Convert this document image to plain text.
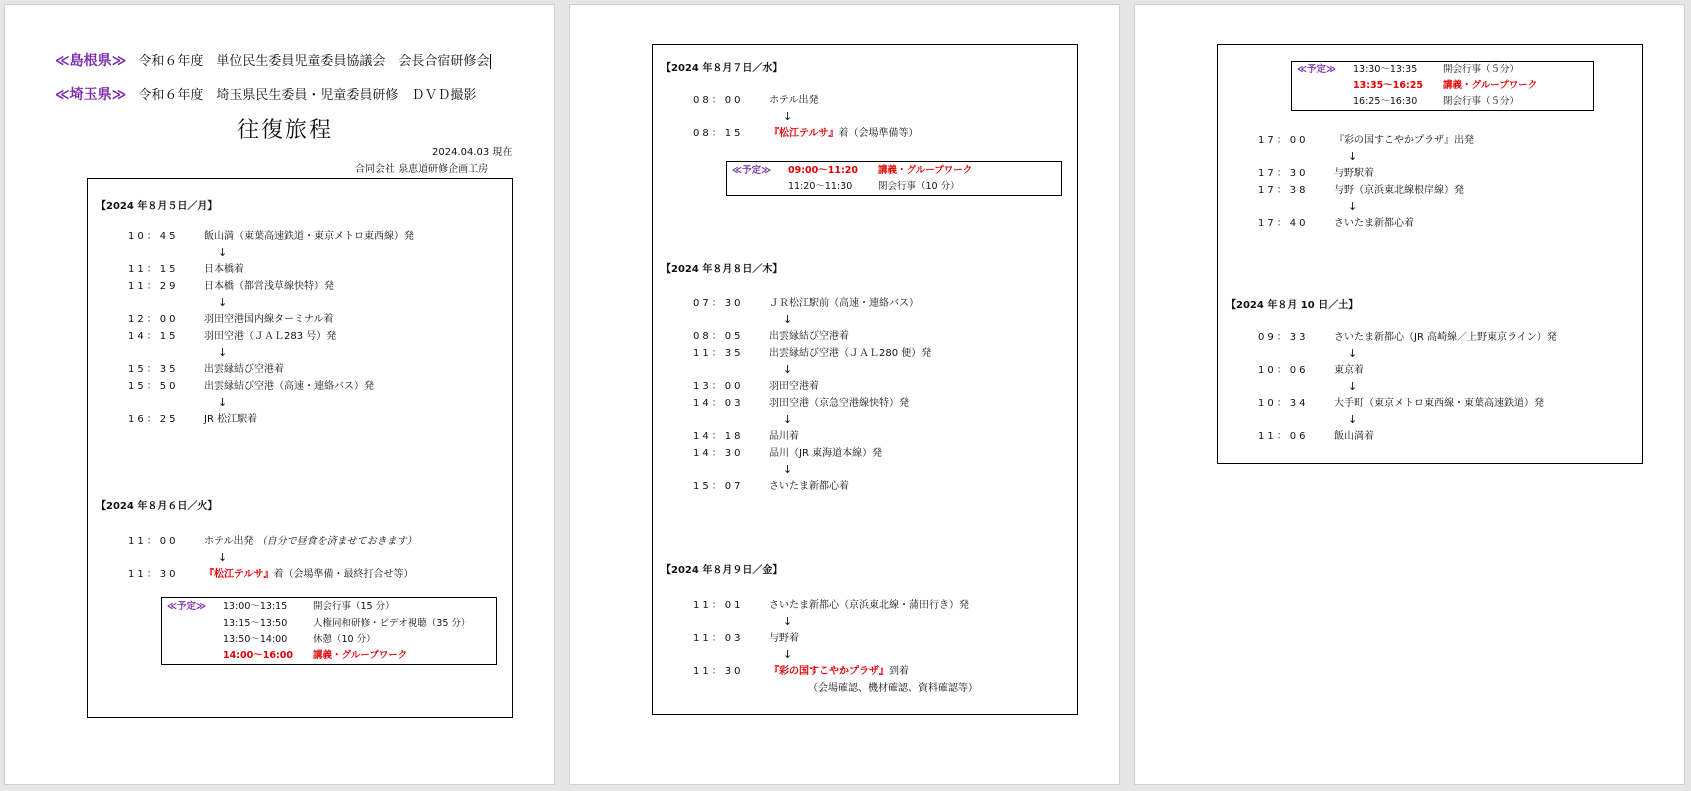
≪島根県≫ 令和６年度　単位民生委員児童委員協議会　会長合宿研修会
≪埼玉県≫ 令和６年度　埼玉県民生委員・児童委員研修　ＤＶＤ撮影
往復旅程
2024.04.03 現在
合同会社 泉恵道研修企画工房
【2024 年８月５日／月】
10：45	飯山満（東葉高速鉄道・東京メトロ東西線）発
↓
11：15	日本橋着
11：29	日本橋（都営浅草線快特）発
↓
12：00	羽田空港国内線ターミナル着
14：15	羽田空港（ＪＡＬ283 号）発
↓
15：35	出雲縁結び空港着
15：50	出雲縁結び空港（高速・連絡バス）発
↓
16：25	JR 松江駅着
【2024 年８月６日／火】
11：00	ホテル出発 （自分で昼食を済ませておきます）
↓
11：30	『松江テルサ』着（会場準備・最終打合せ等）
≪予定≫ 13:00～13:15	開会行事（15 分）
13:15～13:50	人権同和研修・ビデオ視聴（35 分）
13:50～14:00	休憩（10 分）
14:00～16:00 講義・グループワーク
【2024 年８月７日／水】
08：00	ホテル出発
↓
08：15	『松江テルサ』着（会場準備等）
≪予定≫ 09:00～11:20 講義・グループワーク
11:20～11:30	閉会行事（10 分）
【2024 年８月８日／木】
07：30	ＪＲ松江駅前（高速・連絡バス）
↓
08：05	出雲縁結び空港着
11：35	出雲縁結び空港（ＪＡＬ280 便）発
↓
13：00	羽田空港着
14：03	羽田空港（京急空港線快特）発
↓
14：18	品川着
14：30	品川（JR 東海道本線）発
↓
15：07	さいたま新都心着
【2024 年８月９日／金】
11：01	さいたま新都心（京浜東北線・蒲田行き）発
↓
11：03	与野着
↓
11：30	『彩の国すこやかプラザ』到着
（会場確認、機材確認、資料確認等）
≪予定≫ 13:30～13:35	開会行事（５分）
13:35～16:25 講義・グループワーク
16:25～16:30	閉会行事（５分）
17：00	『彩の国すこやかプラザ』出発
↓
17：30	与野駅着
17：38	与野（京浜東北線根岸線）発
↓
17：40	さいたま新都心着
【2024 年８月 10 日／土】
09：33	さいたま新都心（JR 高崎線／上野東京ライン）発
↓
10：06	東京着
↓
10：34	大手町（東京メトロ東西線・東葉高速鉄道）発
↓
11：06	飯山満着
